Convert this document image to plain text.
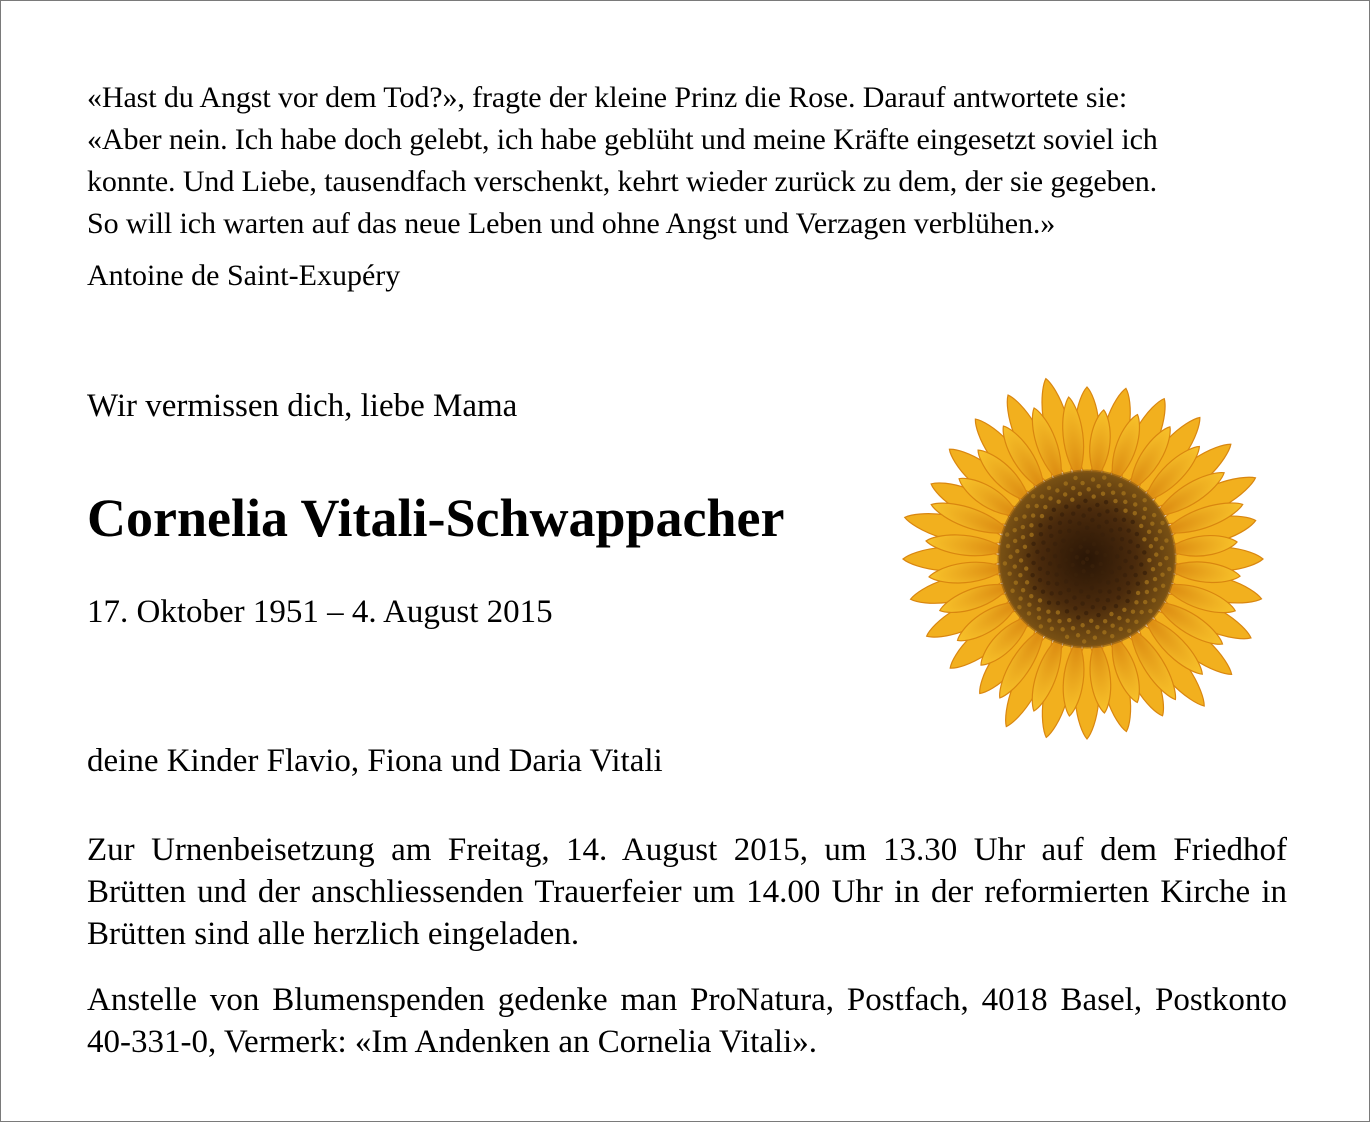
«Hast du Angst vor dem Tod?», fragte der kleine Prinz die Rose. Darauf antwortete sie:
«Aber nein. Ich habe doch gelebt, ich habe geblüht und meine Kräfte eingesetzt soviel ich
konnte. Und Liebe, tausendfach verschenkt, kehrt wieder zurück zu dem, der sie gegeben.
So will ich warten auf das neue Leben und ohne Angst und Verzagen verblühen.»
Antoine de Saint-Exupéry
Wir vermissen dich, liebe Mama
Cornelia Vitali-Schwappacher
17. Oktober 1951 – 4. August 2015
deine Kinder Flavio, Fiona und Daria Vitali
Zur Urnenbeisetzung am Freitag, 14. August 2015, um 13.30 Uhr auf dem Friedhof Brütten und der anschliessenden Trauerfeier um 14.00 Uhr in der reformierten Kirche in Brütten sind alle herzlich eingeladen.
Anstelle von Blumenspenden gedenke man ProNatura, Postfach, 4018 Basel, Postkonto 40-331-0, Vermerk: «Im Andenken an Cornelia Vitali».
